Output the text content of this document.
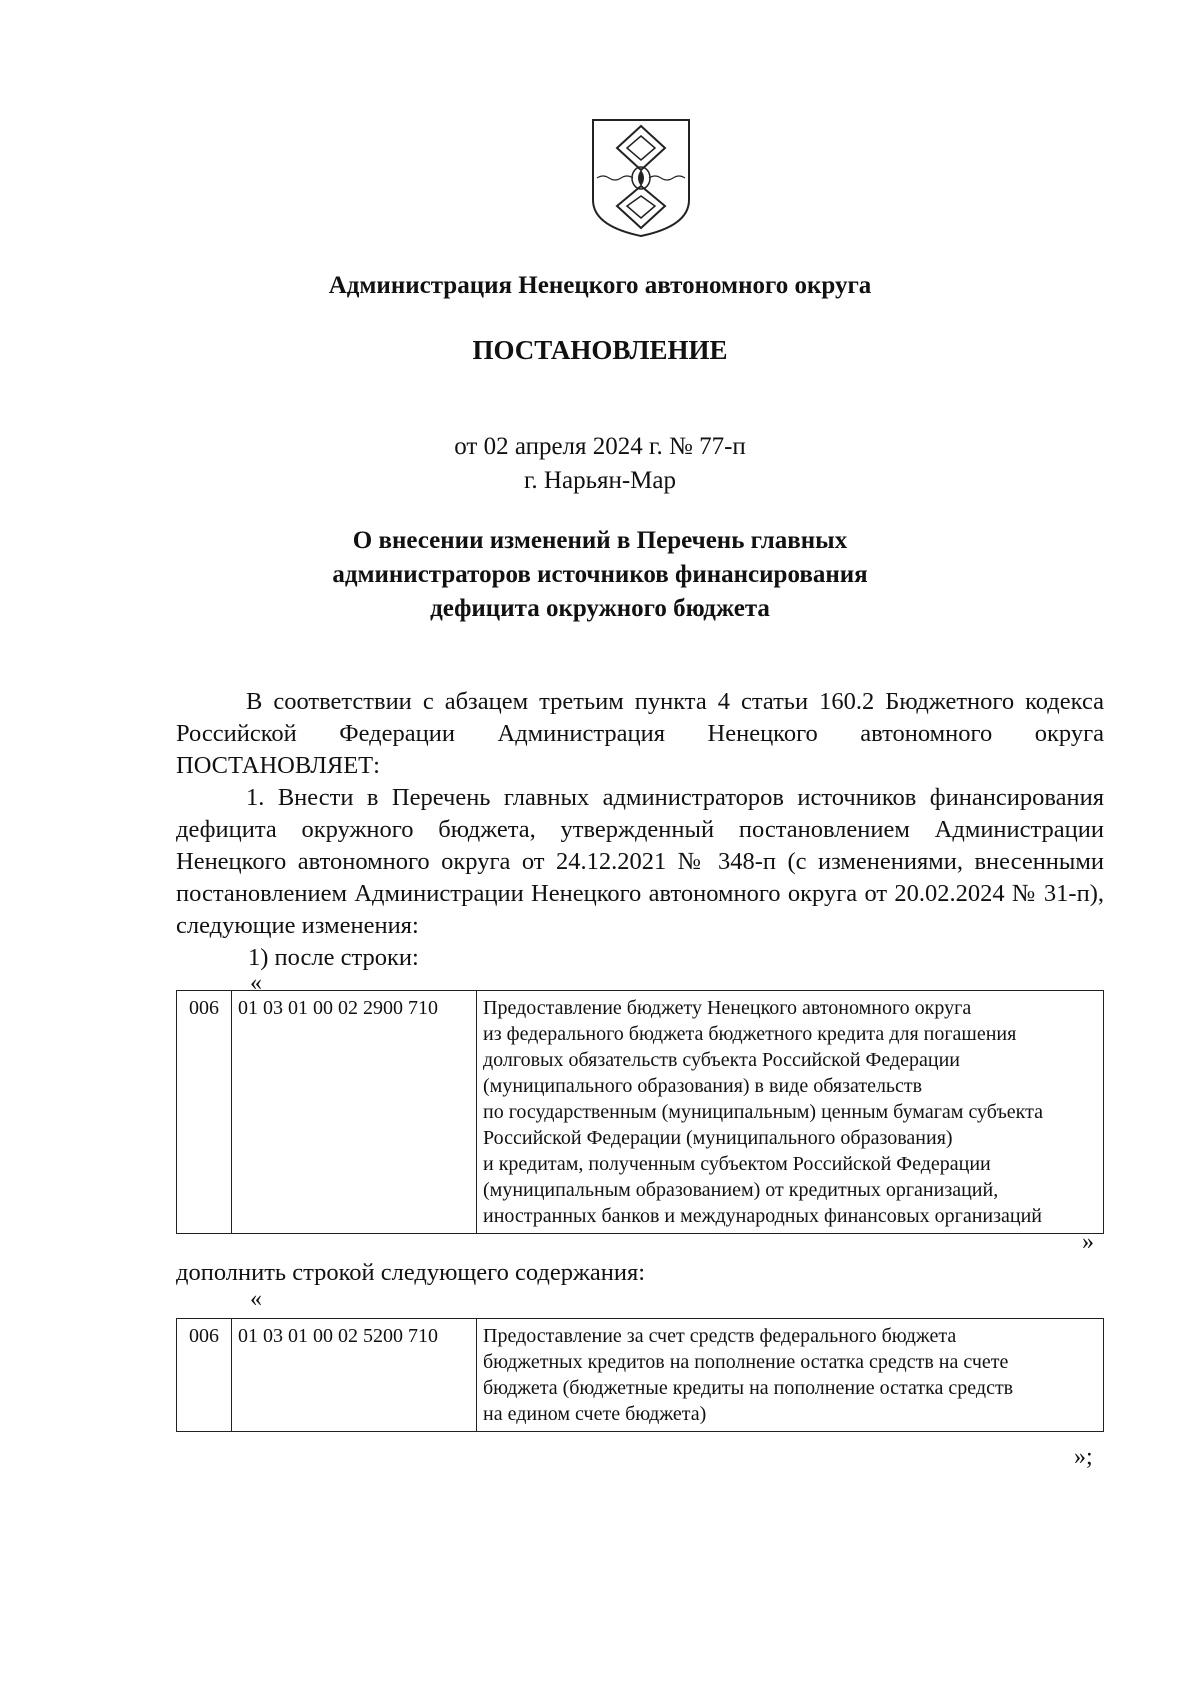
Администрация Ненецкого автономного округа
ПОСТАНОВЛЕНИЕ
от 02 апреля 2024 г. № 77-п
г. Нарьян-Мар
О внесении изменений в Перечень главных
администраторов источников финансирования
дефицита окружного бюджета
В соответствии с абзацем третьим пункта 4 статьи 160.2 Бюджетного кодекса Российской Федерации Администрация Ненецкого автономного округа
ПОСТАНОВЛЯЕТ:
1. Внести в Перечень главных администраторов источников финансирования дефицита окружного бюджета, утвержденный постановлением Администрации Ненецкого автономного округа от 24.12.2021 № 348-п (с изменениями, внесенными постановлением Администрации Ненецкого автономного округа от 20.02.2024 № 31-п), следующие изменения:
1) после строки:
«
006	01 03 01 00 02 2900 710	Предоставление бюджету Ненецкого автономного округа
из федерального бюджета бюджетного кредита для погашения
долговых обязательств субъекта Российской Федерации
(муниципального образования) в виде обязательств
по государственным (муниципальным) ценным бумагам субъекта
Российской Федерации (муниципального образования)
и кредитам, полученным субъектом Российской Федерации
(муниципальным образованием) от кредитных организаций,
иностранных банков и международных финансовых организаций
»
дополнить строкой следующего содержания:
«
006	01 03 01 00 02 5200 710	Предоставление за счет средств федерального бюджета
бюджетных кредитов на пополнение остатка средств на счете
бюджета (бюджетные кредиты на пополнение остатка средств
на едином счете бюджета)
»;
